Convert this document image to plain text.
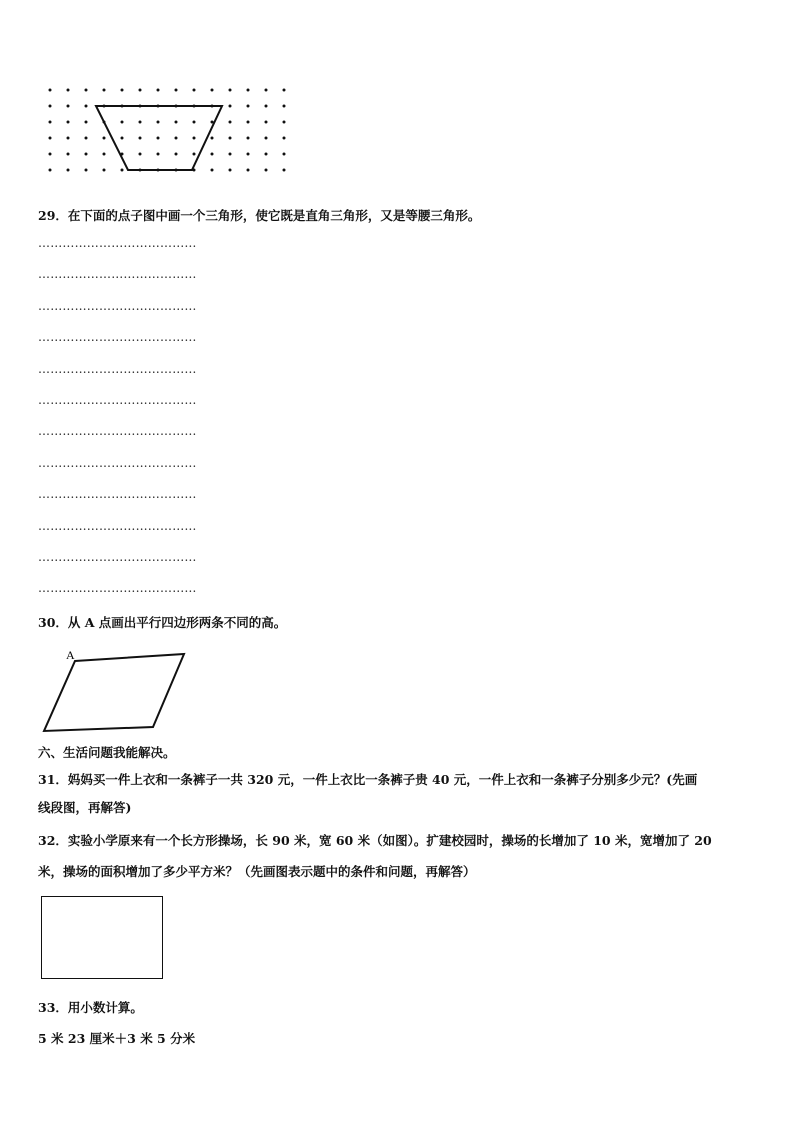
29．在下面的点子图中画一个三角形，使它既是直角三角形，又是等腰三角形。
…………………………………
…………………………………
…………………………………
…………………………………
…………………………………
…………………………………
…………………………………
…………………………………
…………………………………
…………………………………
…………………………………
…………………………………
30．从 A 点画出平行四边形两条不同的高。
A
六、生活问题我能解决。
31．妈妈买一件上衣和一条裤子一共 320 元，一件上衣比一条裤子贵 40 元，一件上衣和一条裤子分别多少元？(先画
线段图，再解答)
32．实验小学原来有一个长方形操场，长 90 米，宽 60 米（如图）。扩建校园时，操场的长增加了 10 米，宽增加了 20
米，操场的面积增加了多少平方米？（先画图表示题中的条件和问题，再解答）
33．用小数计算。
5 米 23 厘米＋3 米 5 分米
